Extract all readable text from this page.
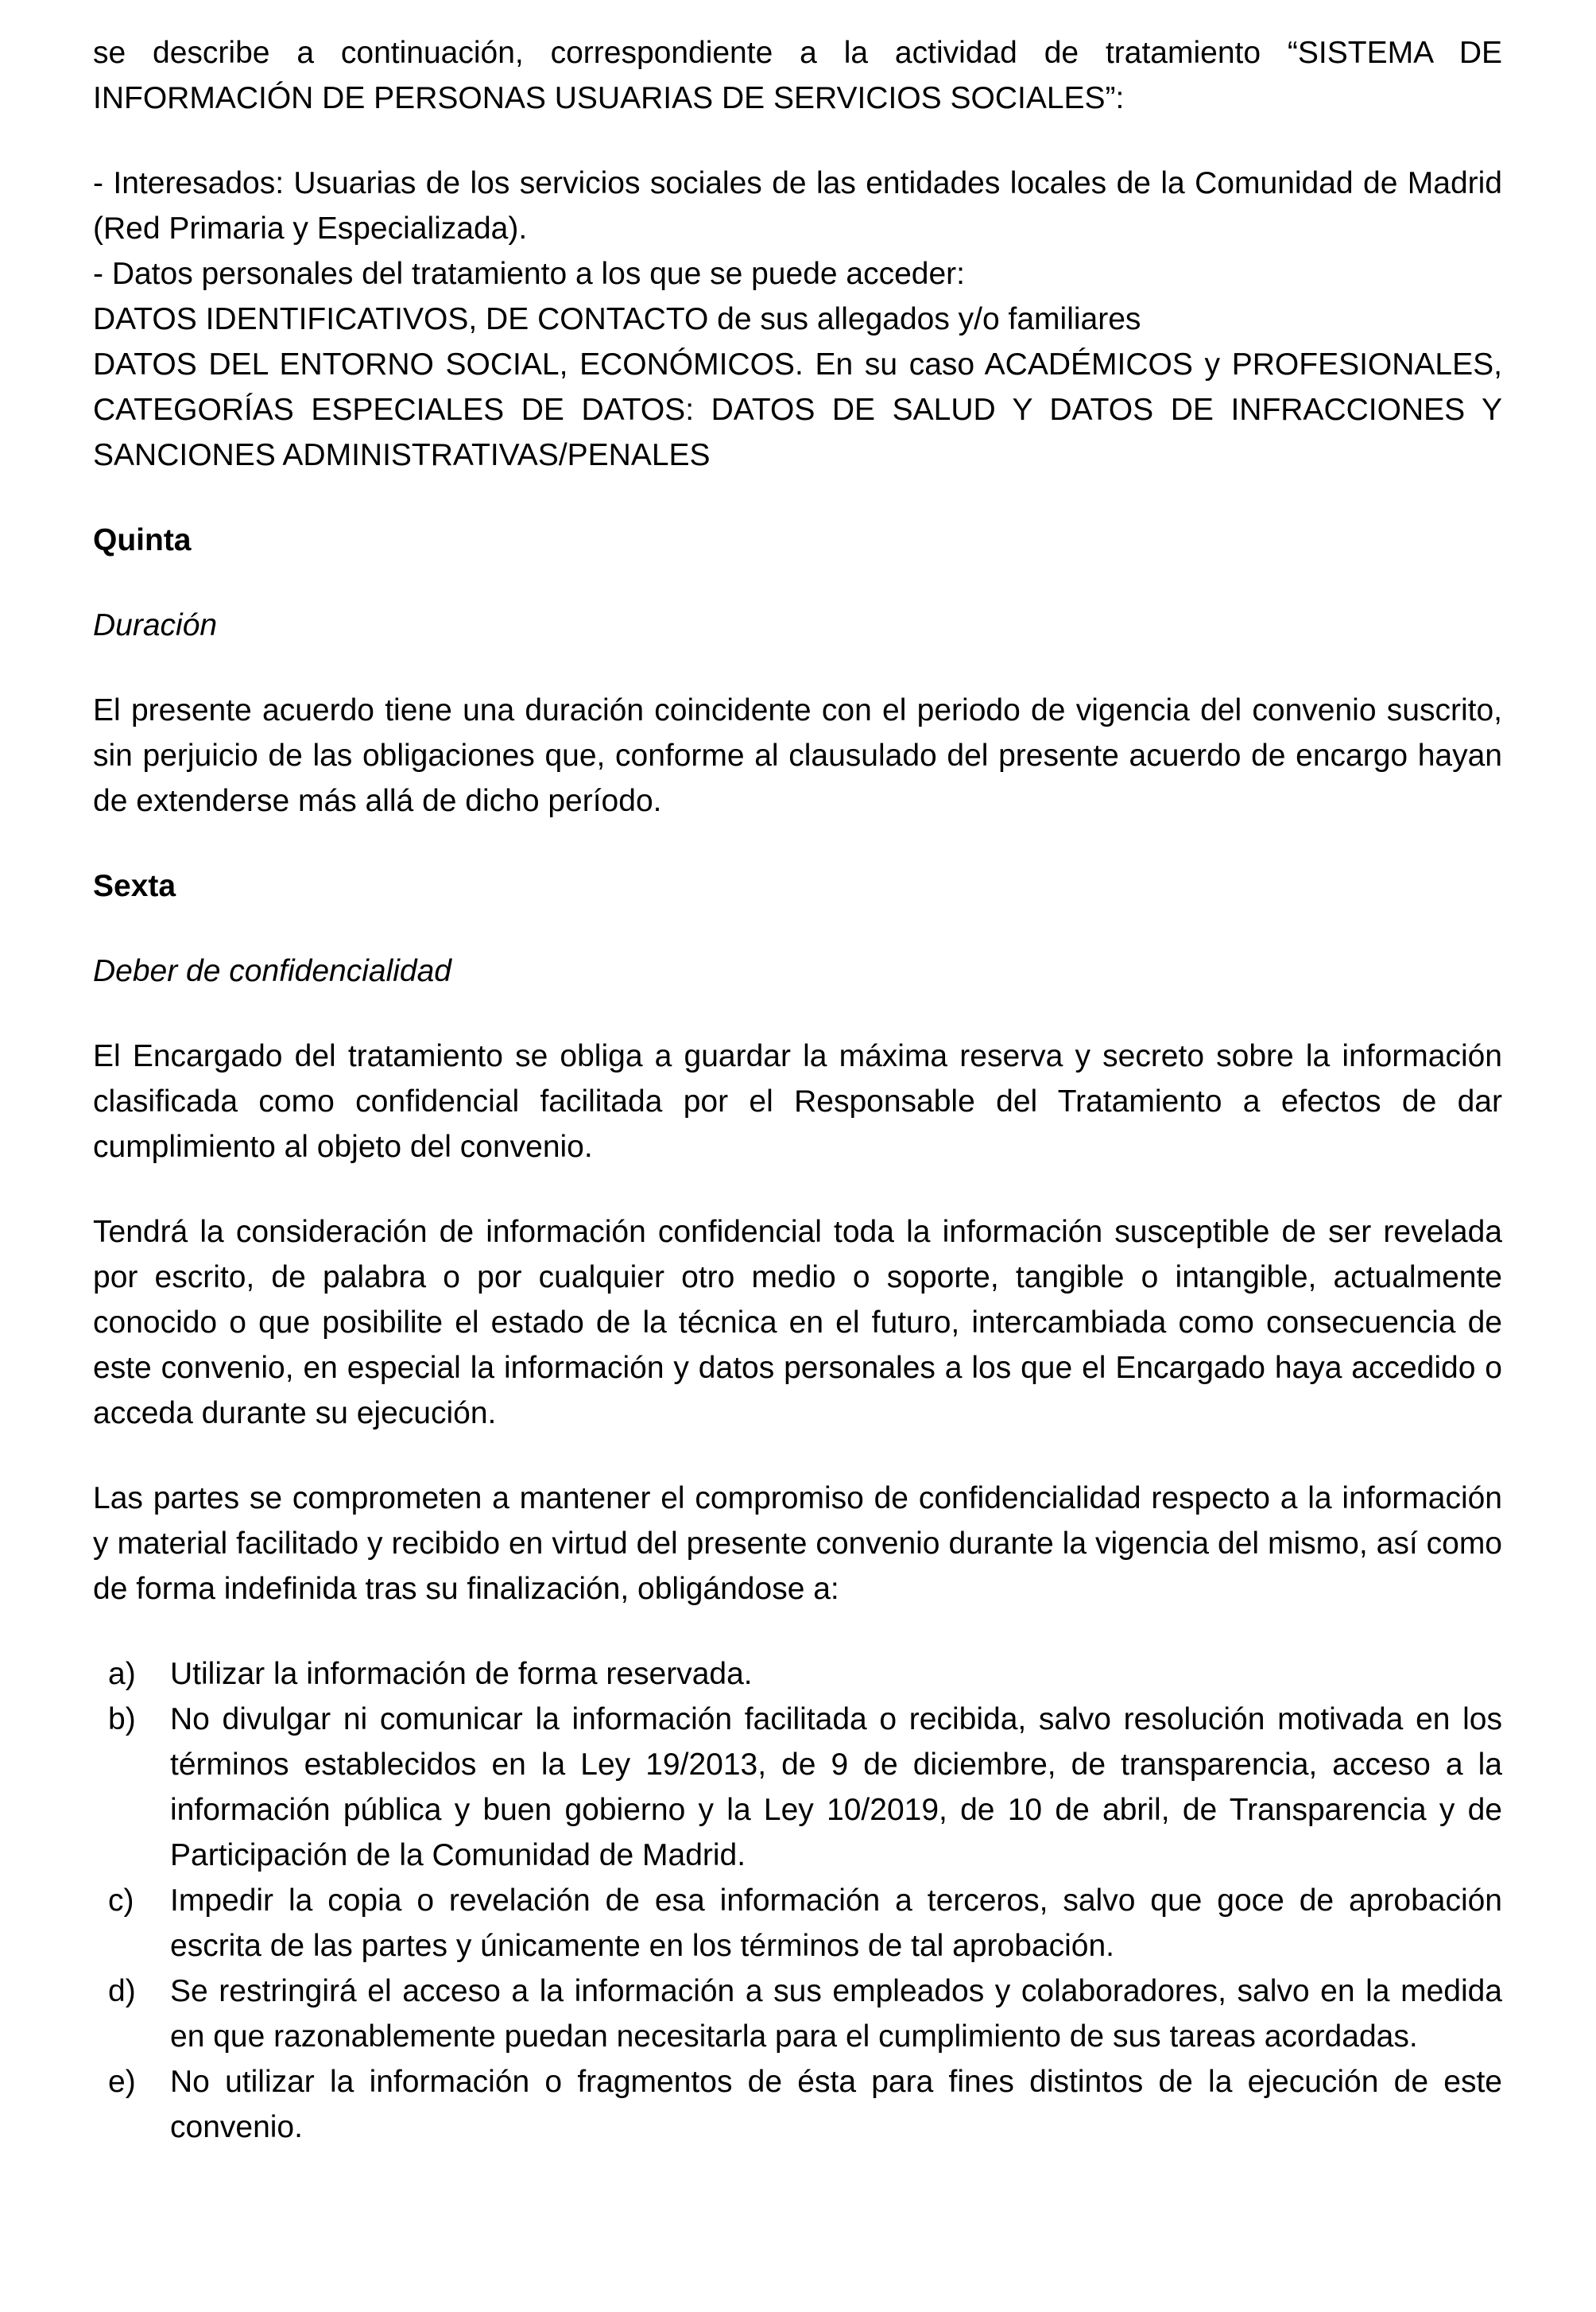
se describe a continuación, correspondiente a la actividad de tratamiento “SISTEMA DE INFORMACIÓN DE PERSONAS USUARIAS DE SERVICIOS SOCIALES”:

- Interesados: Usuarias de los servicios sociales de las entidades locales de la Comunidad de Madrid (Red Primaria y Especializada).

- Datos personales del tratamiento a los que se puede acceder:

DATOS IDENTIFICATIVOS, DE CONTACTO de sus allegados y/o familiares

DATOS DEL ENTORNO SOCIAL, ECONÓMICOS. En su caso ACADÉMICOS y PROFESIONALES, CATEGORÍAS ESPECIALES DE DATOS: DATOS DE SALUD Y DATOS DE INFRACCIONES Y SANCIONES ADMINISTRATIVAS/PENALES

Quinta

Duración

El presente acuerdo tiene una duración coincidente con el periodo de vigencia del convenio suscrito, sin perjuicio de las obligaciones que, conforme al clausulado del presente acuerdo de encargo hayan de extenderse más allá de dicho período.

Sexta

Deber de confidencialidad

El Encargado del tratamiento se obliga a guardar la máxima reserva y secreto sobre la información clasificada como confidencial facilitada por el Responsable del Tratamiento a efectos de dar cumplimiento al objeto del convenio.

Tendrá la consideración de información confidencial toda la información susceptible de ser revelada por escrito, de palabra o por cualquier otro medio o soporte, tangible o intangible, actualmente conocido o que posibilite el estado de la técnica en el futuro, intercambiada como consecuencia de este convenio, en especial la información y datos personales a los que el Encargado haya accedido o acceda durante su ejecución.

Las partes se comprometen a mantener el compromiso de confidencialidad respecto a la información y material facilitado y recibido en virtud del presente convenio durante la vigencia del mismo, así como de forma indefinida tras su finalización, obligándose a:

a) Utilizar la información de forma reservada.

b) No divulgar ni comunicar la información facilitada o recibida, salvo resolución motivada en los términos establecidos en la Ley 19/2013, de 9 de diciembre, de transparencia, acceso a la información pública y buen gobierno y la Ley 10/2019, de 10 de abril, de Transparencia y de Participación de la Comunidad de Madrid.

c) Impedir la copia o revelación de esa información a terceros, salvo que goce de aprobación escrita de las partes y únicamente en los términos de tal aprobación.

d) Se restringirá el acceso a la información a sus empleados y colaboradores, salvo en la medida en que razonablemente puedan necesitarla para el cumplimiento de sus tareas acordadas.

e) No utilizar la información o fragmentos de ésta para fines distintos de la ejecución de este convenio.
